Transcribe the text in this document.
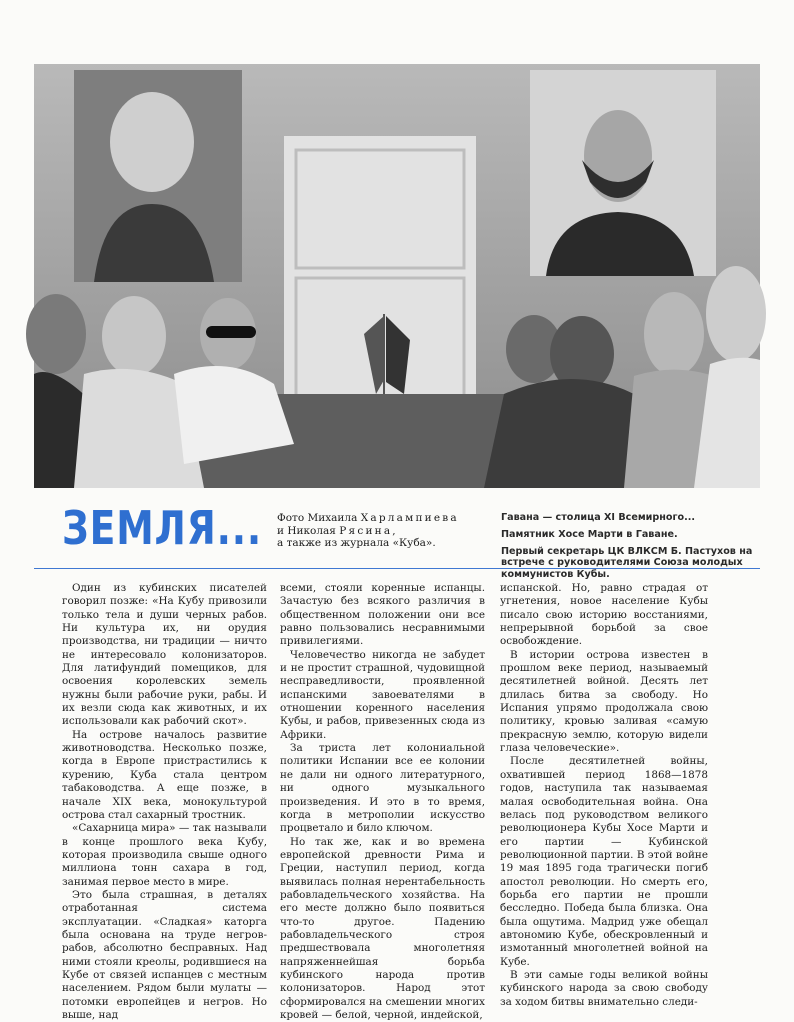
ЗЕМЛЯ... Фото Михаила Харлампиева
и Николая Рясина,
а также из журнала «Куба».

Гавана — столица XI Всемирного...

Памятник Хосе Марти в Гаване.

Первый секретарь ЦК ВЛКСМ Б. Пастухов на встрече с руководителями Союза молодых коммунистов Кубы.

Один из кубинских писателей говорил позже: «На Кубу привозили только тела и души черных рабов. Ни культура их, ни орудия производства, ни традиции — ничто не интересовало колонизаторов. Для латифундий помещиков, для освоения королевских земель нужны были рабочие руки, рабы. И их везли сюда как животных, и их использовали как рабочий скот».

На острове началось развитие животноводства. Несколько позже, когда в Европе пристрастились к курению, Куба стала центром табаководства. А еще позже, в начале XIX века, монокультурой острова стал сахарный тростник.

«Сахарница мира» — так называли в конце прошлого века Кубу, которая производила свыше одного миллиона тонн сахара в год, занимая первое место в мире.

Это была страшная, в деталях отработанная система эксплуатации. «Сладкая» каторга была основана на труде негров-рабов, абсолютно бесправных. Над ними стояли креолы, родившиеся на Кубе от связей испанцев с местным населением. Рядом были мулаты — потомки европейцев и негров. Но выше, над

всеми, стояли коренные испанцы. Зачастую без всякого различия в общественном положении они все равно пользовались несравнимыми привилегиями.

Человечество никогда не забудет и не простит страшной, чудовищной несправедливости, проявленной испанскими завоевателями в отношении коренного населения Кубы, и рабов, привезенных сюда из Африки.

За триста лет колониальной политики Испании все ее колонии не дали ни одного литературного, ни одного музыкального произведения. И это в то время, когда в метрополии искусство процветало и било ключом.

Но так же, как и во времена европейской древности Рима и Греции, наступил период, когда выявилась полная нерентабельность рабовладельческого хозяйства. На его месте должно было появиться что-то другое. Падению рабовладельческого строя предшествовала многолетняя напряженнейшая борьба кубинского народа против колонизаторов. Народ этот сформировался на смешении многих кровей — белой, черной, индейской,

испанской. Но, равно страдая от угнетения, новое население Кубы писало свою историю восстаниями, непрерывной борьбой за свое освобождение.

В истории острова известен в прошлом веке период, называемый десятилетней войной. Десять лет длилась битва за свободу. Но Испания упрямо продолжала свою политику, кровью заливая «самую прекрасную землю, которую видели глаза человеческие».

После десятилетней войны, охватившей период 1868—1878 годов, наступила так называемая малая освободительная война. Она велась под руководством великого революционера Кубы Хосе Марти и его партии — Кубинской революционной партии. В этой войне 19 мая 1895 года трагически погиб апостол революции. Но смерть его, борьба его партии не прошли бесследно. Победа была близка. Она была ощутима. Мадрид уже обещал автономию Кубе, обескровленный и измотанный многолетней войной на Кубе.

В эти самые годы великой войны кубинского народа за свою свободу за ходом битвы внимательно следи-
